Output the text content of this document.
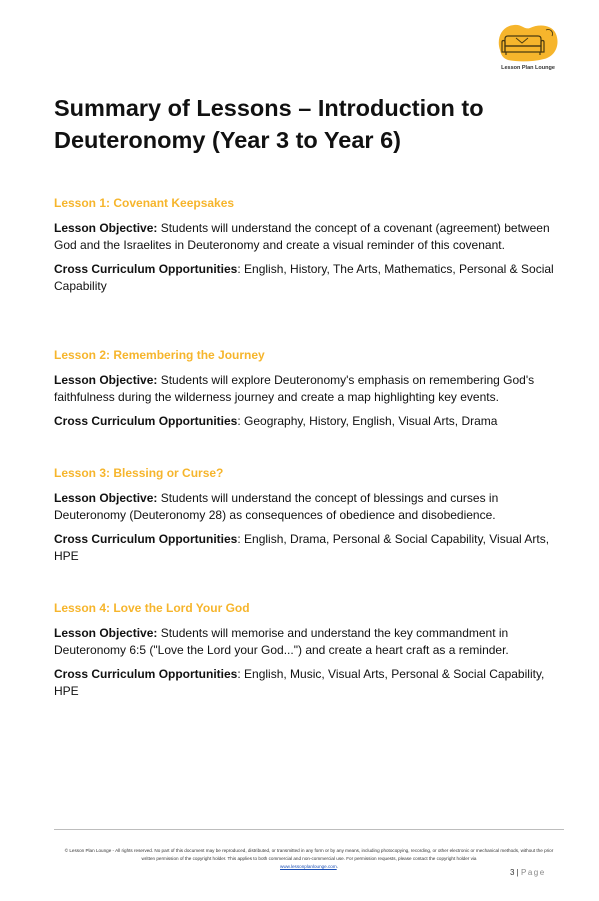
Lesson Plan Lounge
Summary of Lessons – Introduction to Deuteronomy (Year 3 to Year 6)
Lesson 1: Covenant Keepsakes

Lesson Objective: Students will understand the concept of a covenant (agreement) between God and the Israelites in Deuteronomy and create a visual reminder of this covenant.

Cross Curriculum Opportunities: English, History, The Arts, Mathematics, Personal & Social Capability

Lesson 2: Remembering the Journey

Lesson Objective: Students will explore Deuteronomy's emphasis on remembering God's faithfulness during the wilderness journey and create a map highlighting key events.

Cross Curriculum Opportunities: Geography, History, English, Visual Arts, Drama

Lesson 3: Blessing or Curse?

Lesson Objective: Students will understand the concept of blessings and curses in Deuteronomy (Deuteronomy 28) as consequences of obedience and disobedience.

Cross Curriculum Opportunities: English, Drama, Personal & Social Capability, Visual Arts, HPE

Lesson 4: Love the Lord Your God

Lesson Objective: Students will memorise and understand the key commandment in Deuteronomy 6:5 ("Love the Lord your God...") and create a heart craft as a reminder.

Cross Curriculum Opportunities: English, Music, Visual Arts, Personal & Social Capability, HPE

© Lesson Plan Lounge - All rights reserved. No part of this document may be reproduced, distributed, or transmitted in any form or by any means, including photocopying, recording, or other electronic or mechanical methods, without the prior written permission of the copyright holder. This applies to both commercial and non-commercial use. For permission requests, please contact the copyright holder via
www.lessonplanlounge.com.
3 | Page
